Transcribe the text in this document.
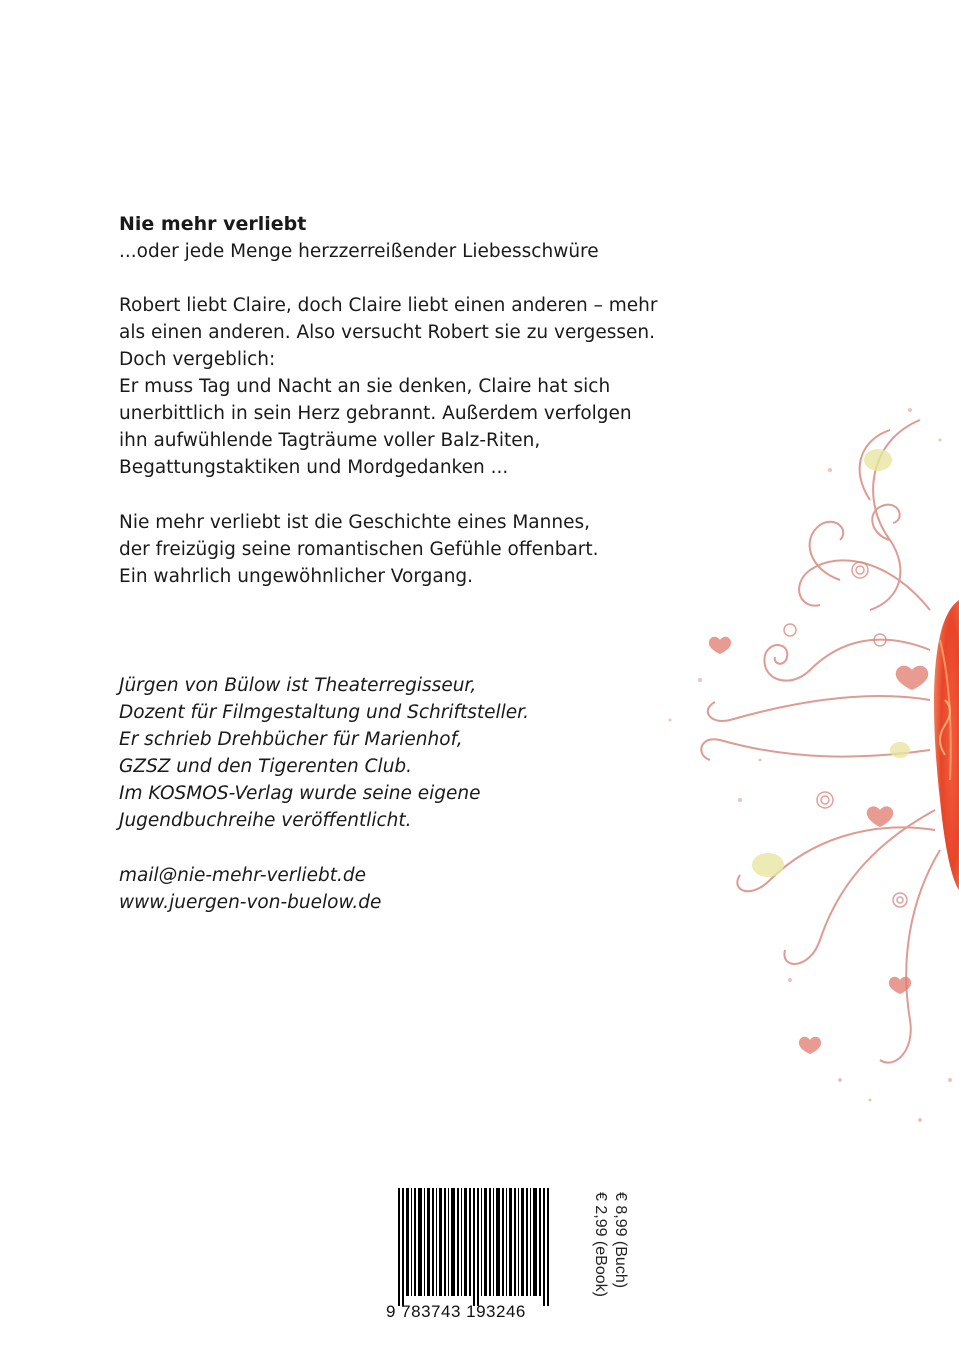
Nie mehr verliebt
...oder jede Menge herzzerreißender Liebesschwüre

Robert liebt Claire, doch Claire liebt einen anderen – mehr

als einen anderen. Also versucht Robert sie zu vergessen.

Doch vergeblich:

Er muss Tag und Nacht an sie denken, Claire hat sich

unerbittlich in sein Herz gebrannt. Außerdem verfolgen

ihn aufwühlende Tagträume voller Balz-Riten,

Begattungstaktiken und Mordgedanken ...

Nie mehr verliebt ist die Geschichte eines Mannes,

der freizügig seine romantischen Gefühle offenbart.

Ein wahrlich ungewöhnlicher Vorgang.

Jürgen von Bülow ist Theaterregisseur,

Dozent für Filmgestaltung und Schriftsteller.

Er schrieb Drehbücher für Marienhof,

GZSZ und den Tigerenten Club.

Im KOSMOS-Verlag wurde seine eigene

Jugendbuchreihe veröffentlicht.

mail@nie-mehr-verliebt.de

www.juergen-von-buelow.de

9 783743 193246
€ 8,99 (Buch)
€ 2,99 (eBook)
